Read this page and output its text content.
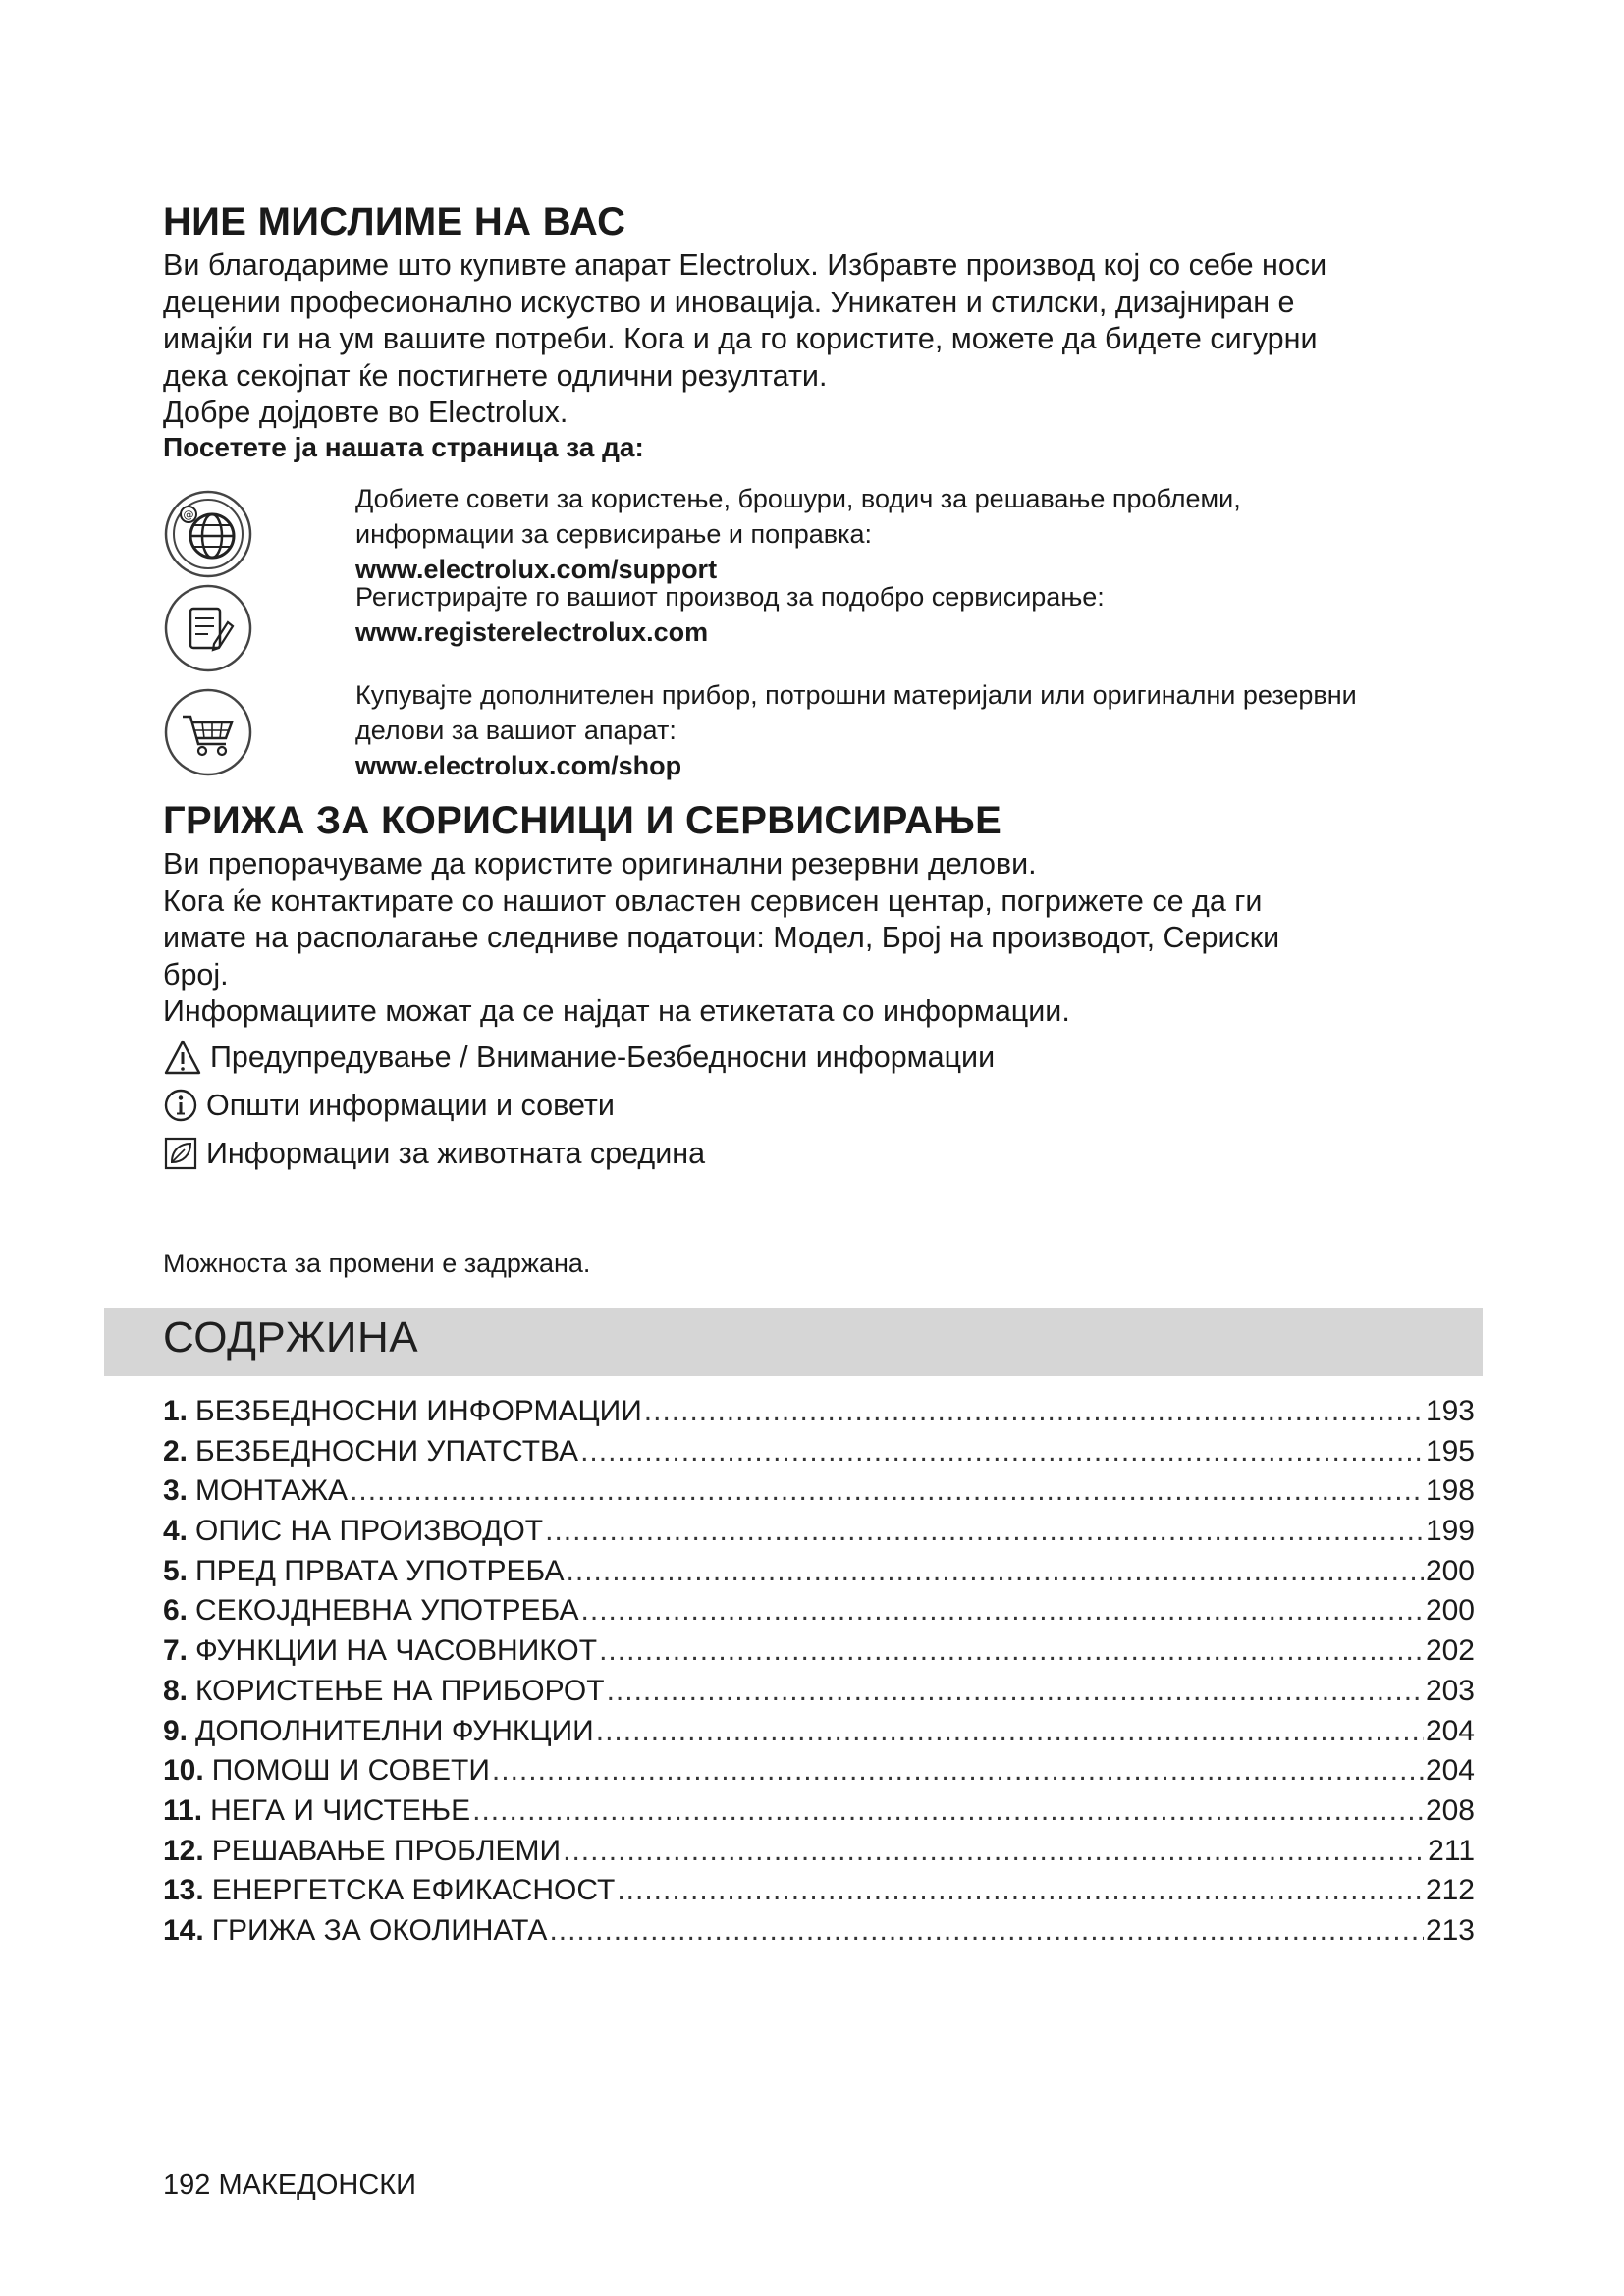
НИЕ МИСЛИМЕ НА ВАС
Ви благодариме што купивте апарат Electrolux. Избравте производ кој со себе носи
децении професионално искуство и иновација. Уникатен и стилски, дизајниран е
имајќи ги на ум вашите потреби. Кога и да го користите, можете да бидете сигурни
дека секојпат ќе постигнете одлични резултати.
Добре дојдовте во Electrolux.
Посетете ја нашата страница за да:
@
Добиете совети за користење, брошури, водич за решавање проблеми,
информации за сервисирање и поправка:
www.electrolux.com/support
Регистрирајте го вашиот производ за подобро сервисирање:
www.registerelectrolux.com
Купувајте дополнителен прибор, потрошни материјали или оригинални резервни
делови за вашиот апарат:
www.electrolux.com/shop
ГРИЖА ЗА КОРИСНИЦИ И СЕРВИСИРАЊЕ
Ви препорачуваме да користите оригинални резервни делови.
Кога ќе контактирате со нашиот овластен сервисен центар, погрижете се да ги
имате на располагање следниве податоци: Модел, Број на производот, Сериски
број.
Информациите можат да се најдат на етикетата со информации.
Предупредување / Внимание-Безбедносни информации
Општи информации и совети
Информации за животната средина
Можноста за промени е задржана.
СОДРЖИНА
1. БЕЗБЕДНОСНИ ИНФОРМАЦИИ .....	193
2. БЕЗБЕДНОСНИ УПАТСТВА .....	195
3. МОНТАЖА .....	198
4. ОПИС НА ПРОИЗВОДОТ .....	199
5. ПРЕД ПРВАТА УПОТРЕБА .....	200
6. СЕКОЈДНЕВНА УПОТРЕБА .....	200
7. ФУНКЦИИ НА ЧАСОВНИКОТ .....	202
8. КОРИСТЕЊЕ НА ПРИБОРОТ .....	203
9. ДОПОЛНИТЕЛНИ ФУНКЦИИ .....	204
10. ПОМОШ И СОВЕТИ .....	204
11. НЕГА И ЧИСТЕЊЕ .....	208
12. РЕШАВАЊЕ ПРОБЛЕМИ .....	211
13. ЕНЕРГЕТСКА ЕФИКАСНОСТ .....	212
14. ГРИЖА ЗА ОКОЛИНАТА .....	213
192 МАКЕДОНСКИ
